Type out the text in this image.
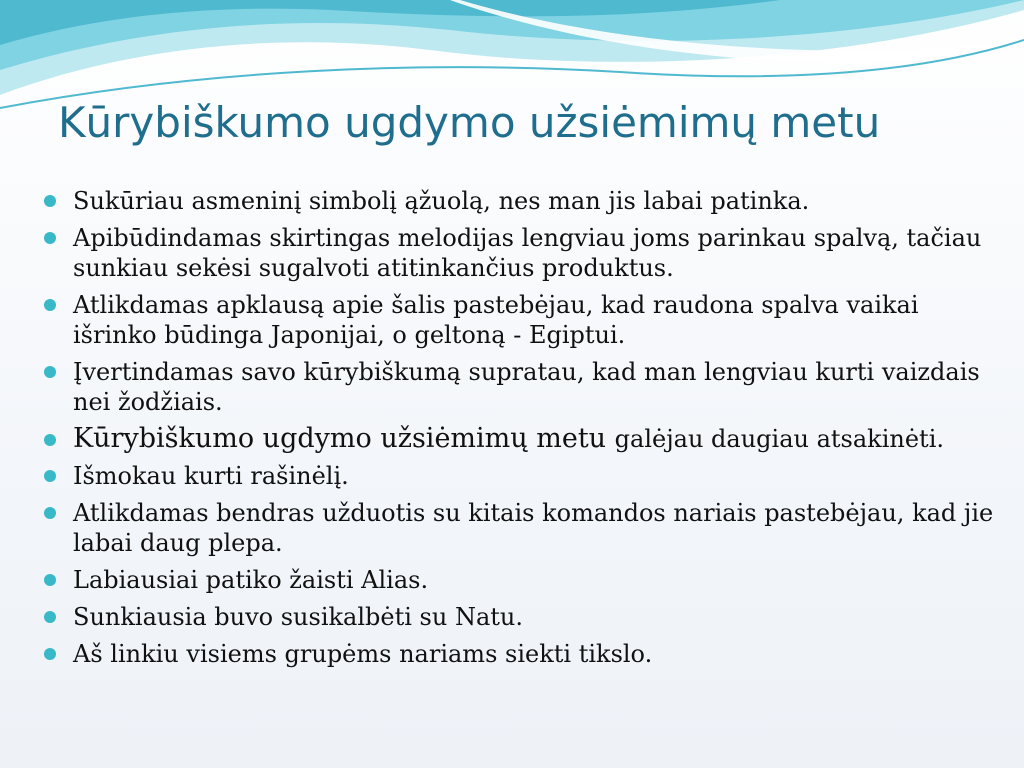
Kūrybiškumo ugdymo užsiėmimų metu
Sukūriau asmeninį simbolį ąžuolą, nes man jis labai patinka.
Apibūdindamas skirtingas melodijas lengviau joms parinkau spalvą, tačiau sunkiau sekėsi sugalvoti atitinkančius produktus.
Atlikdamas apklausą apie šalis pastebėjau, kad raudona spalva vaikai išrinko būdinga Japonijai, o geltoną - Egiptui.
Įvertindamas savo kūrybiškumą supratau, kad man lengviau kurti vaizdais nei žodžiais.
Kūrybiškumo ugdymo užsiėmimų metu galėjau daugiau atsakinėti.
Išmokau kurti rašinėlį.
Atlikdamas bendras užduotis su kitais komandos nariais pastebėjau, kad jie labai daug plepa.
Labiausiai patiko žaisti Alias.
Sunkiausia buvo susikalbėti su Natu.
Aš linkiu visiems grupėms nariams siekti tikslo.
